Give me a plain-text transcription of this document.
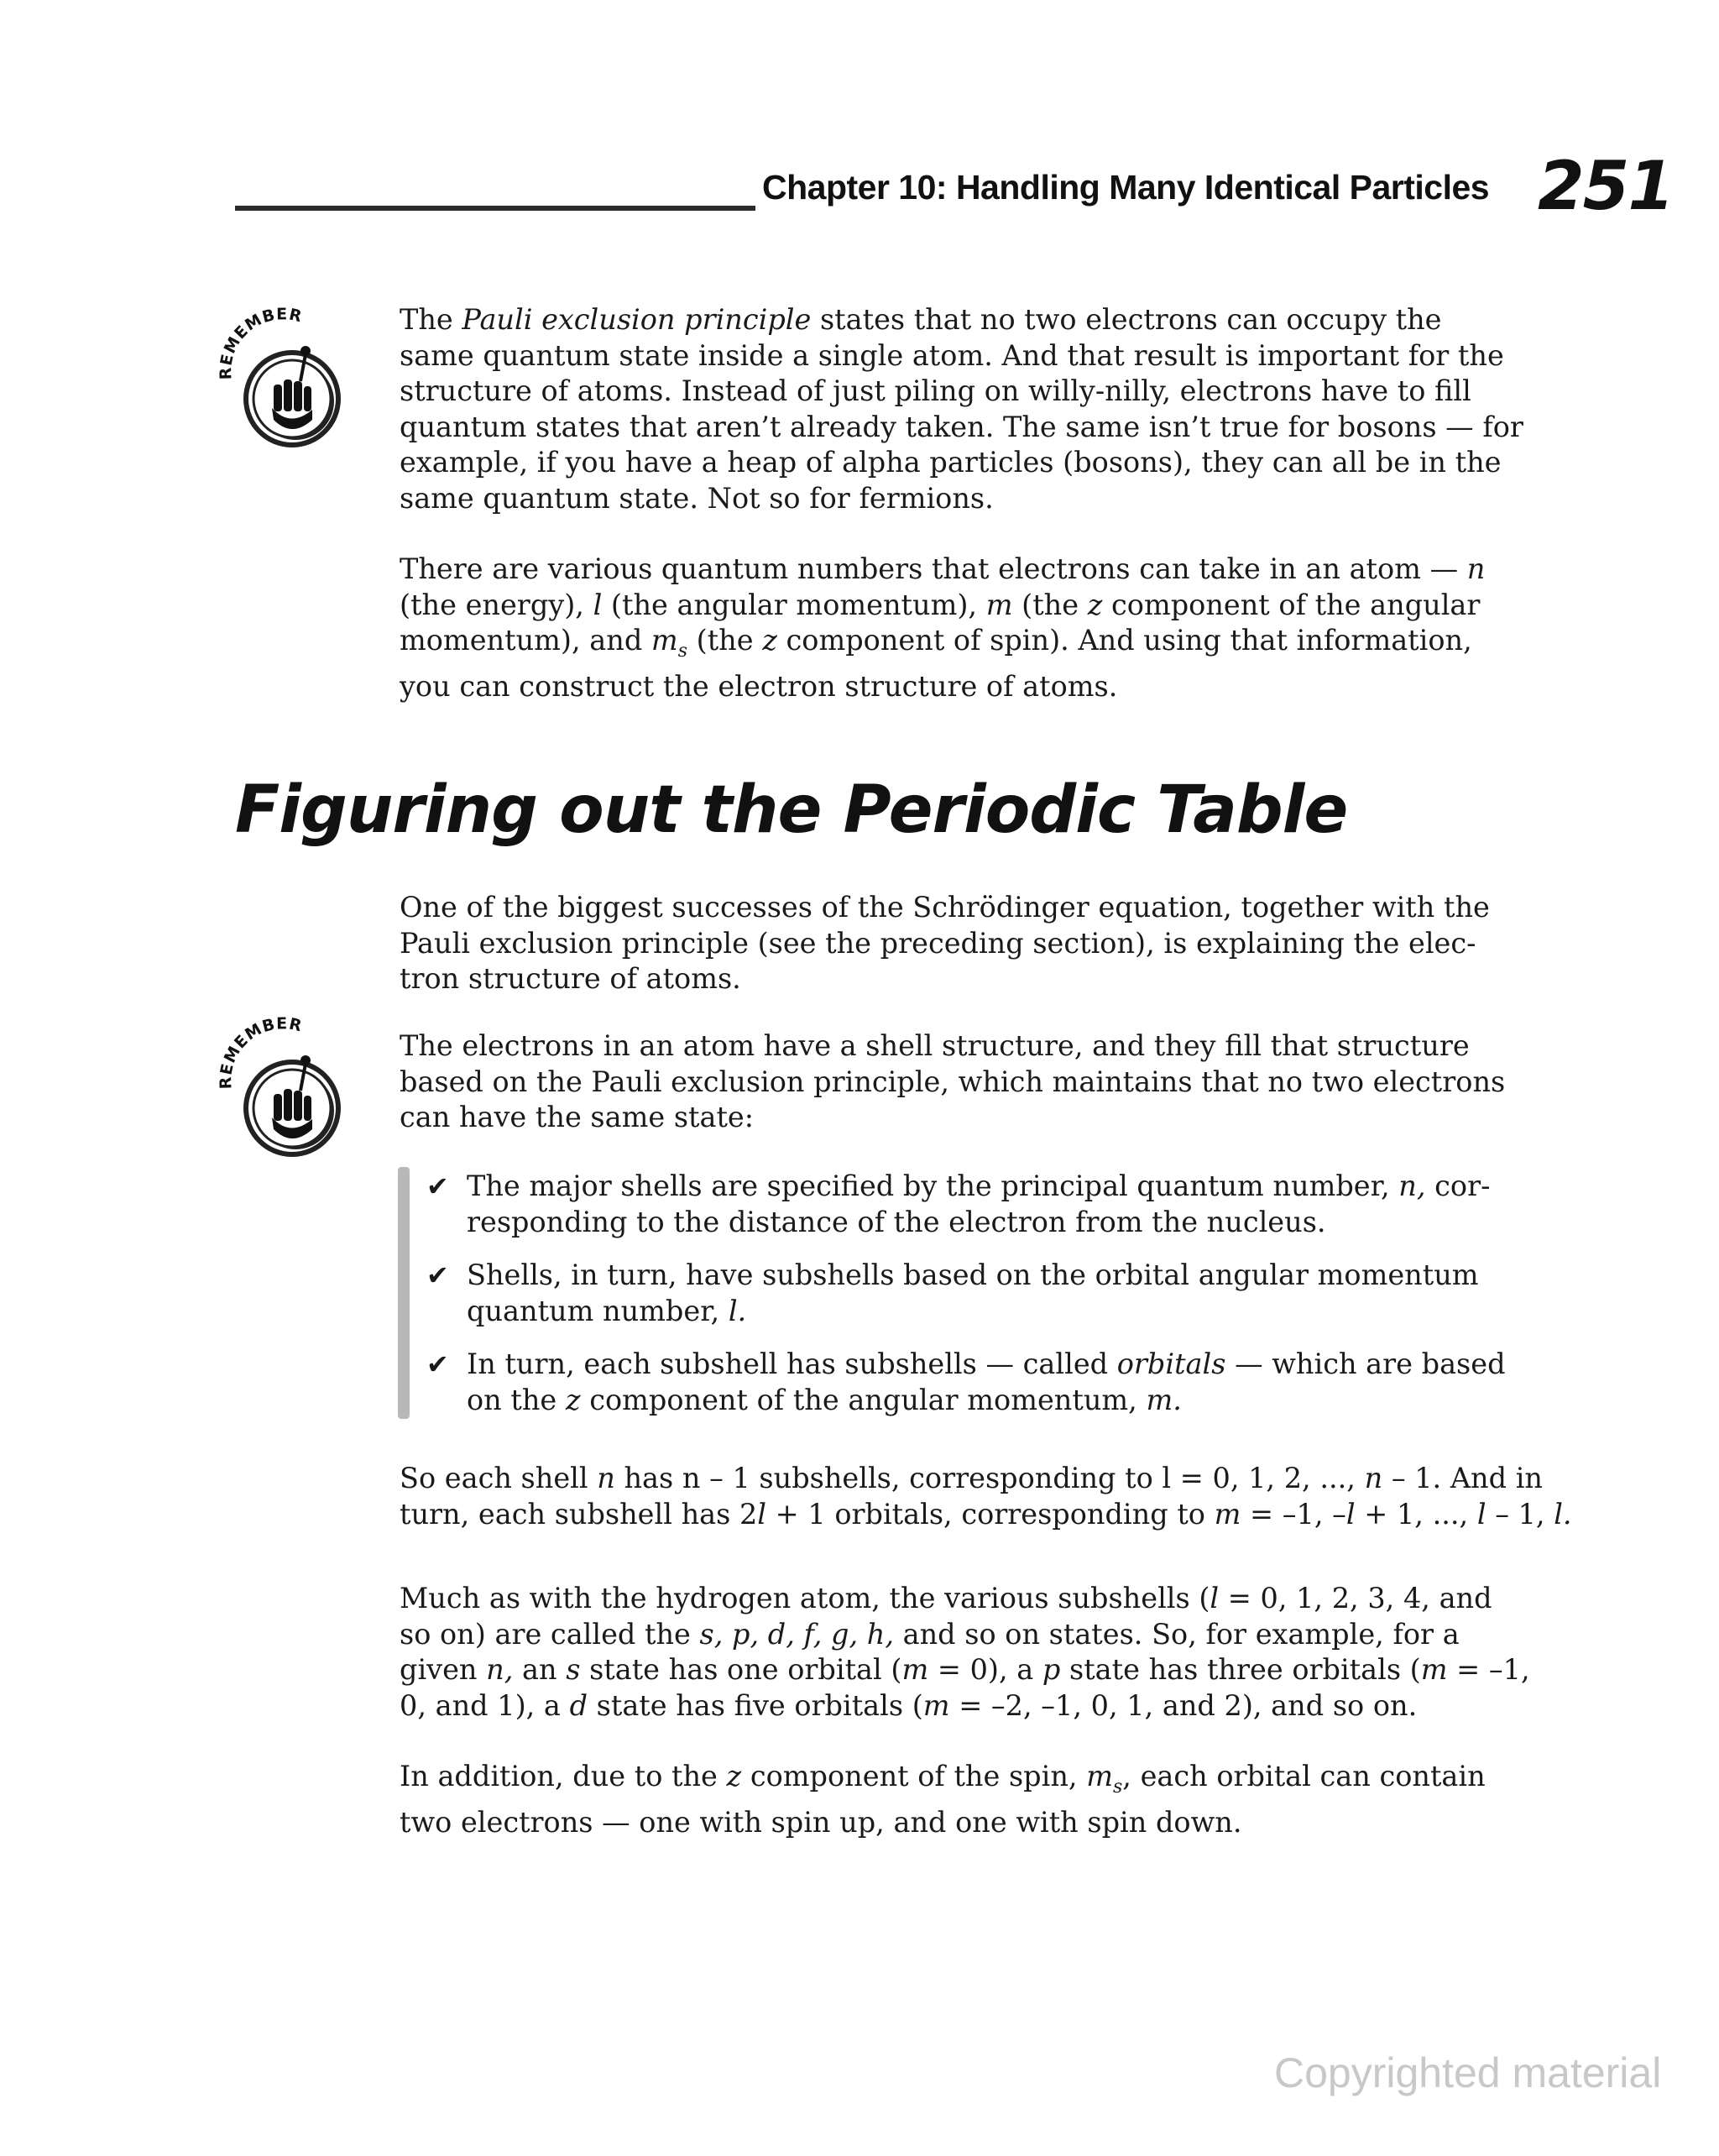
Chapter 10: Handling Many Identical Particles 251
REMEMBER	The Pauli exclusion principle states that no two electrons can occupy the
same quantum state inside a single atom. And that result is important for the
structure of atoms. Instead of just piling on willy-nilly, electrons have to fill
quantum states that aren’t already taken. The same isn’t true for bosons — for
example, if you have a heap of alpha particles (bosons), they can all be in the
same quantum state. Not so for fermions.
There are various quantum numbers that electrons can take in an atom — n
(the energy), l (the angular momentum), m (the z component of the angular
momentum), and $m_s$ (the z component of spin). And using that information,
you can construct the electron structure of atoms.
Figuring out the Periodic Table
One of the biggest successes of the Schrödinger equation, together with the
Pauli exclusion principle (see the preceding section), is explaining the elec-
tron structure of atoms.
REMEMBER
The electrons in an atom have a shell structure, and they fill that structure
based on the Pauli exclusion principle, which maintains that no two electrons
can have the same state:
✔ The major shells are specified by the principal quantum number, n, cor-
responding to the distance of the electron from the nucleus.
✔ Shells, in turn, have subshells based on the orbital angular momentum
quantum number, l.
✔ In turn, each subshell has subshells — called orbitals — which are based
on the z component of the angular momentum, m.
So each shell n has n – 1 subshells, corresponding to l = 0, 1, 2, ..., n – 1. And in
turn, each subshell has 2l + 1 orbitals, corresponding to m = –1, –l + 1, ..., l – 1, l.
Much as with the hydrogen atom, the various subshells (l = 0, 1, 2, 3, 4, and
so on) are called the s, p, d, f, g, h, and so on states. So, for example, for a
given n, an s state has one orbital (m = 0), a p state has three orbitals (m = –1,
0, and 1), a d state has five orbitals (m = –2, –1, 0, 1, and 2), and so on.
In addition, due to the z component of the spin, $m_s$, each orbital can contain
two electrons — one with spin up, and one with spin down.
Copyrighted material
